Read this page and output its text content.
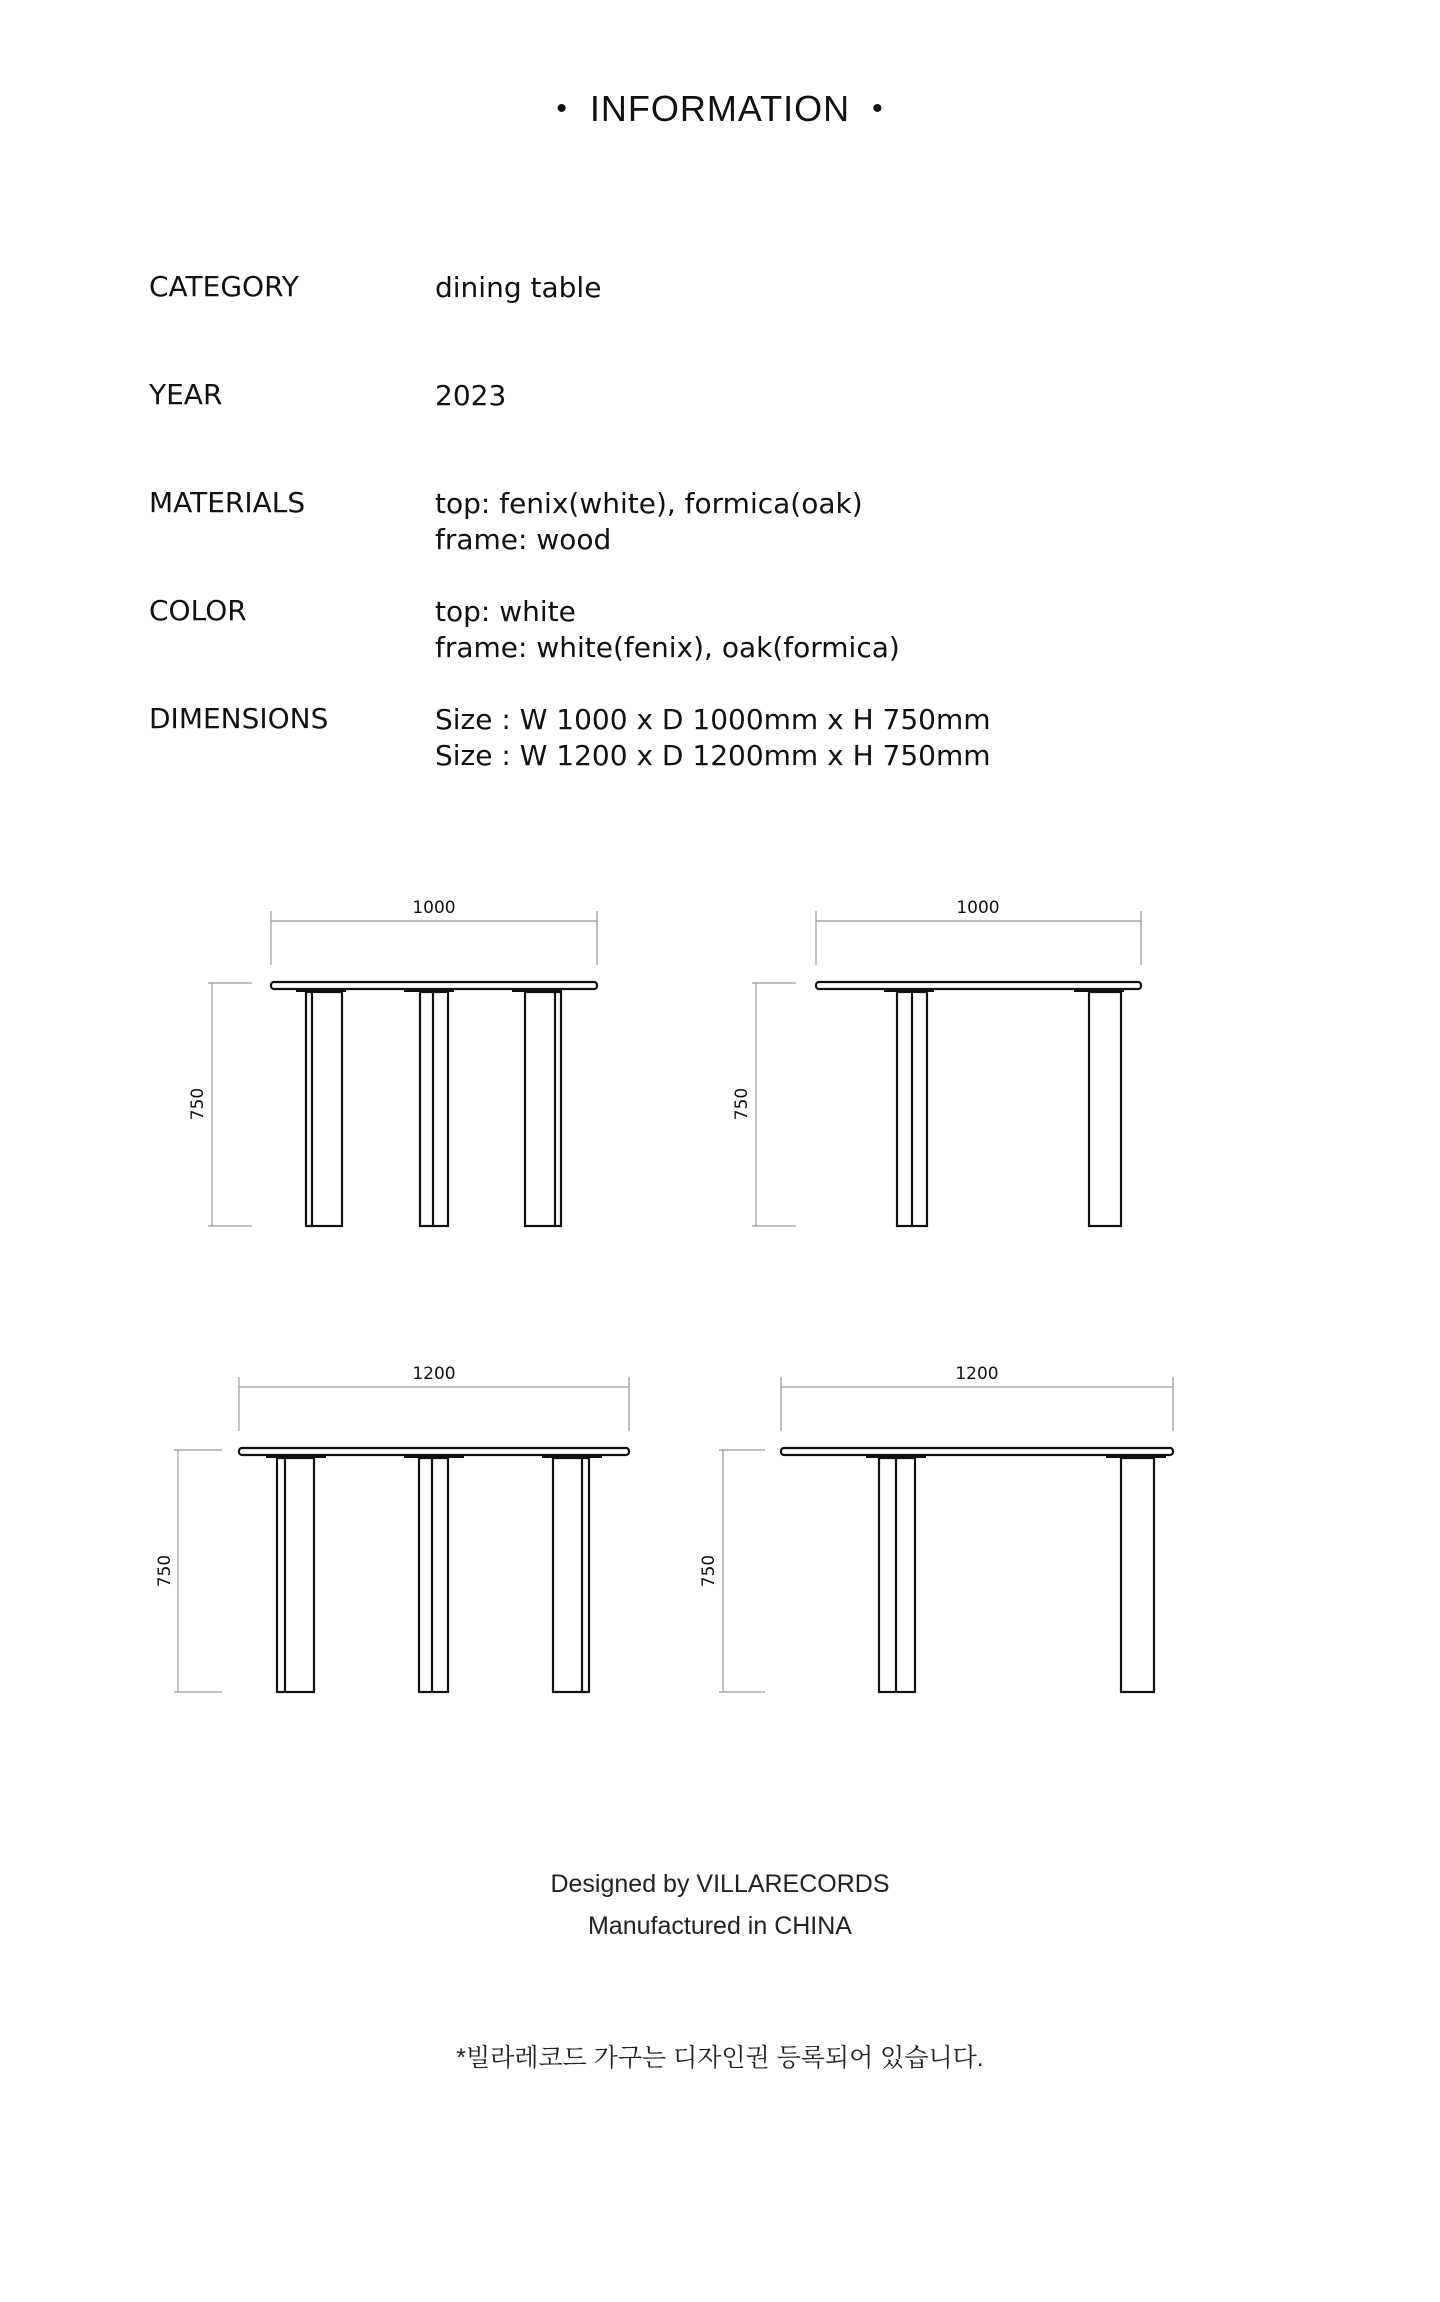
• INFORMATION •
CATEGORY	dining table
YEAR	2023
MATERIALS	top: fenix(white), formica(oak)
frame: wood
COLOR	top: white
frame: white(fenix), oak(formica)
DIMENSIONS	Size : W 1000 x D 1000mm x H 750mm
Size : W 1200 x D 1200mm x H 750mm
1000	1000
1200	1200
750	750
750	750
Designed by VILLARECORDS
Manufactured in CHINA
*빌라레코드 가구는 디자인권 등록되어 있습니다.
